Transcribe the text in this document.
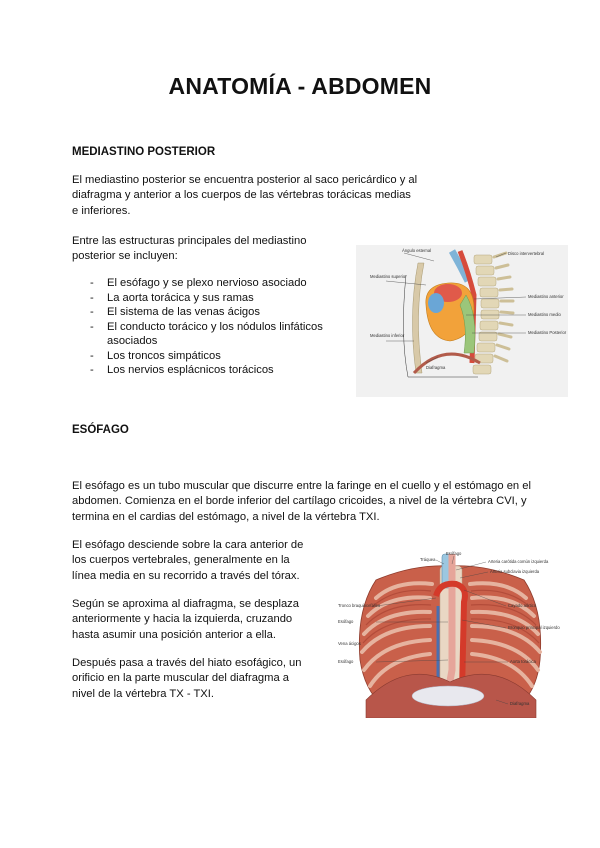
ANATOMÍA - ABDOMEN
MEDIASTINO POSTERIOR
El mediastino posterior se encuentra posterior al saco pericárdico y al
diafragma y anterior a los cuerpos de las vértebras torácicas medias
e inferiores.
Entre las estructuras principales del mediastino
posterior se incluyen:
- El esófago y se plexo nervioso asociado
- La aorta torácica y sus ramas
- El sistema de las venas ácigos
- El conducto torácico y los nódulos linfáticos asociados
- Los troncos simpáticos
- Los nervios esplácnicos torácicos
Ángulo esternal
Disco intervertebral
Mediastino superior
Mediastino anterior
Mediastino medio
Mediastino Posterior
Mediastino inferior
Diafragma
ESÓFAGO
El esófago es un tubo muscular que discurre entre la faringe en el cuello y el estómago en el
abdomen. Comienza en el borde inferior del cartílago cricoides, a nivel de la vértebra CVI, y
termina en el cardias del estómago, a nivel de la vértebra TXI.
El esófago desciende sobre la cara anterior de
los cuerpos vertebrales, generalmente en la
línea media en su recorrido a través del tórax.
Según se aproxima al diafragma, se desplaza
anteriormente y hacia la izquierda, cruzando
hasta asumir una posición anterior a ella.
Después pasa a través del hiato esofágico, un
orificio en la parte muscular del diafragma a
nivel de la vértebra TX - TXI.
Esófago
Tráquea	Arteria carótida común izquierda
Arteria subclavia izquierda
Tronco braquiocefálico	Cayado aórtico
Esófago
Bronquio principal izquierdo
Esófago	Aorta torácica
Diafragma
Vena ácigos
